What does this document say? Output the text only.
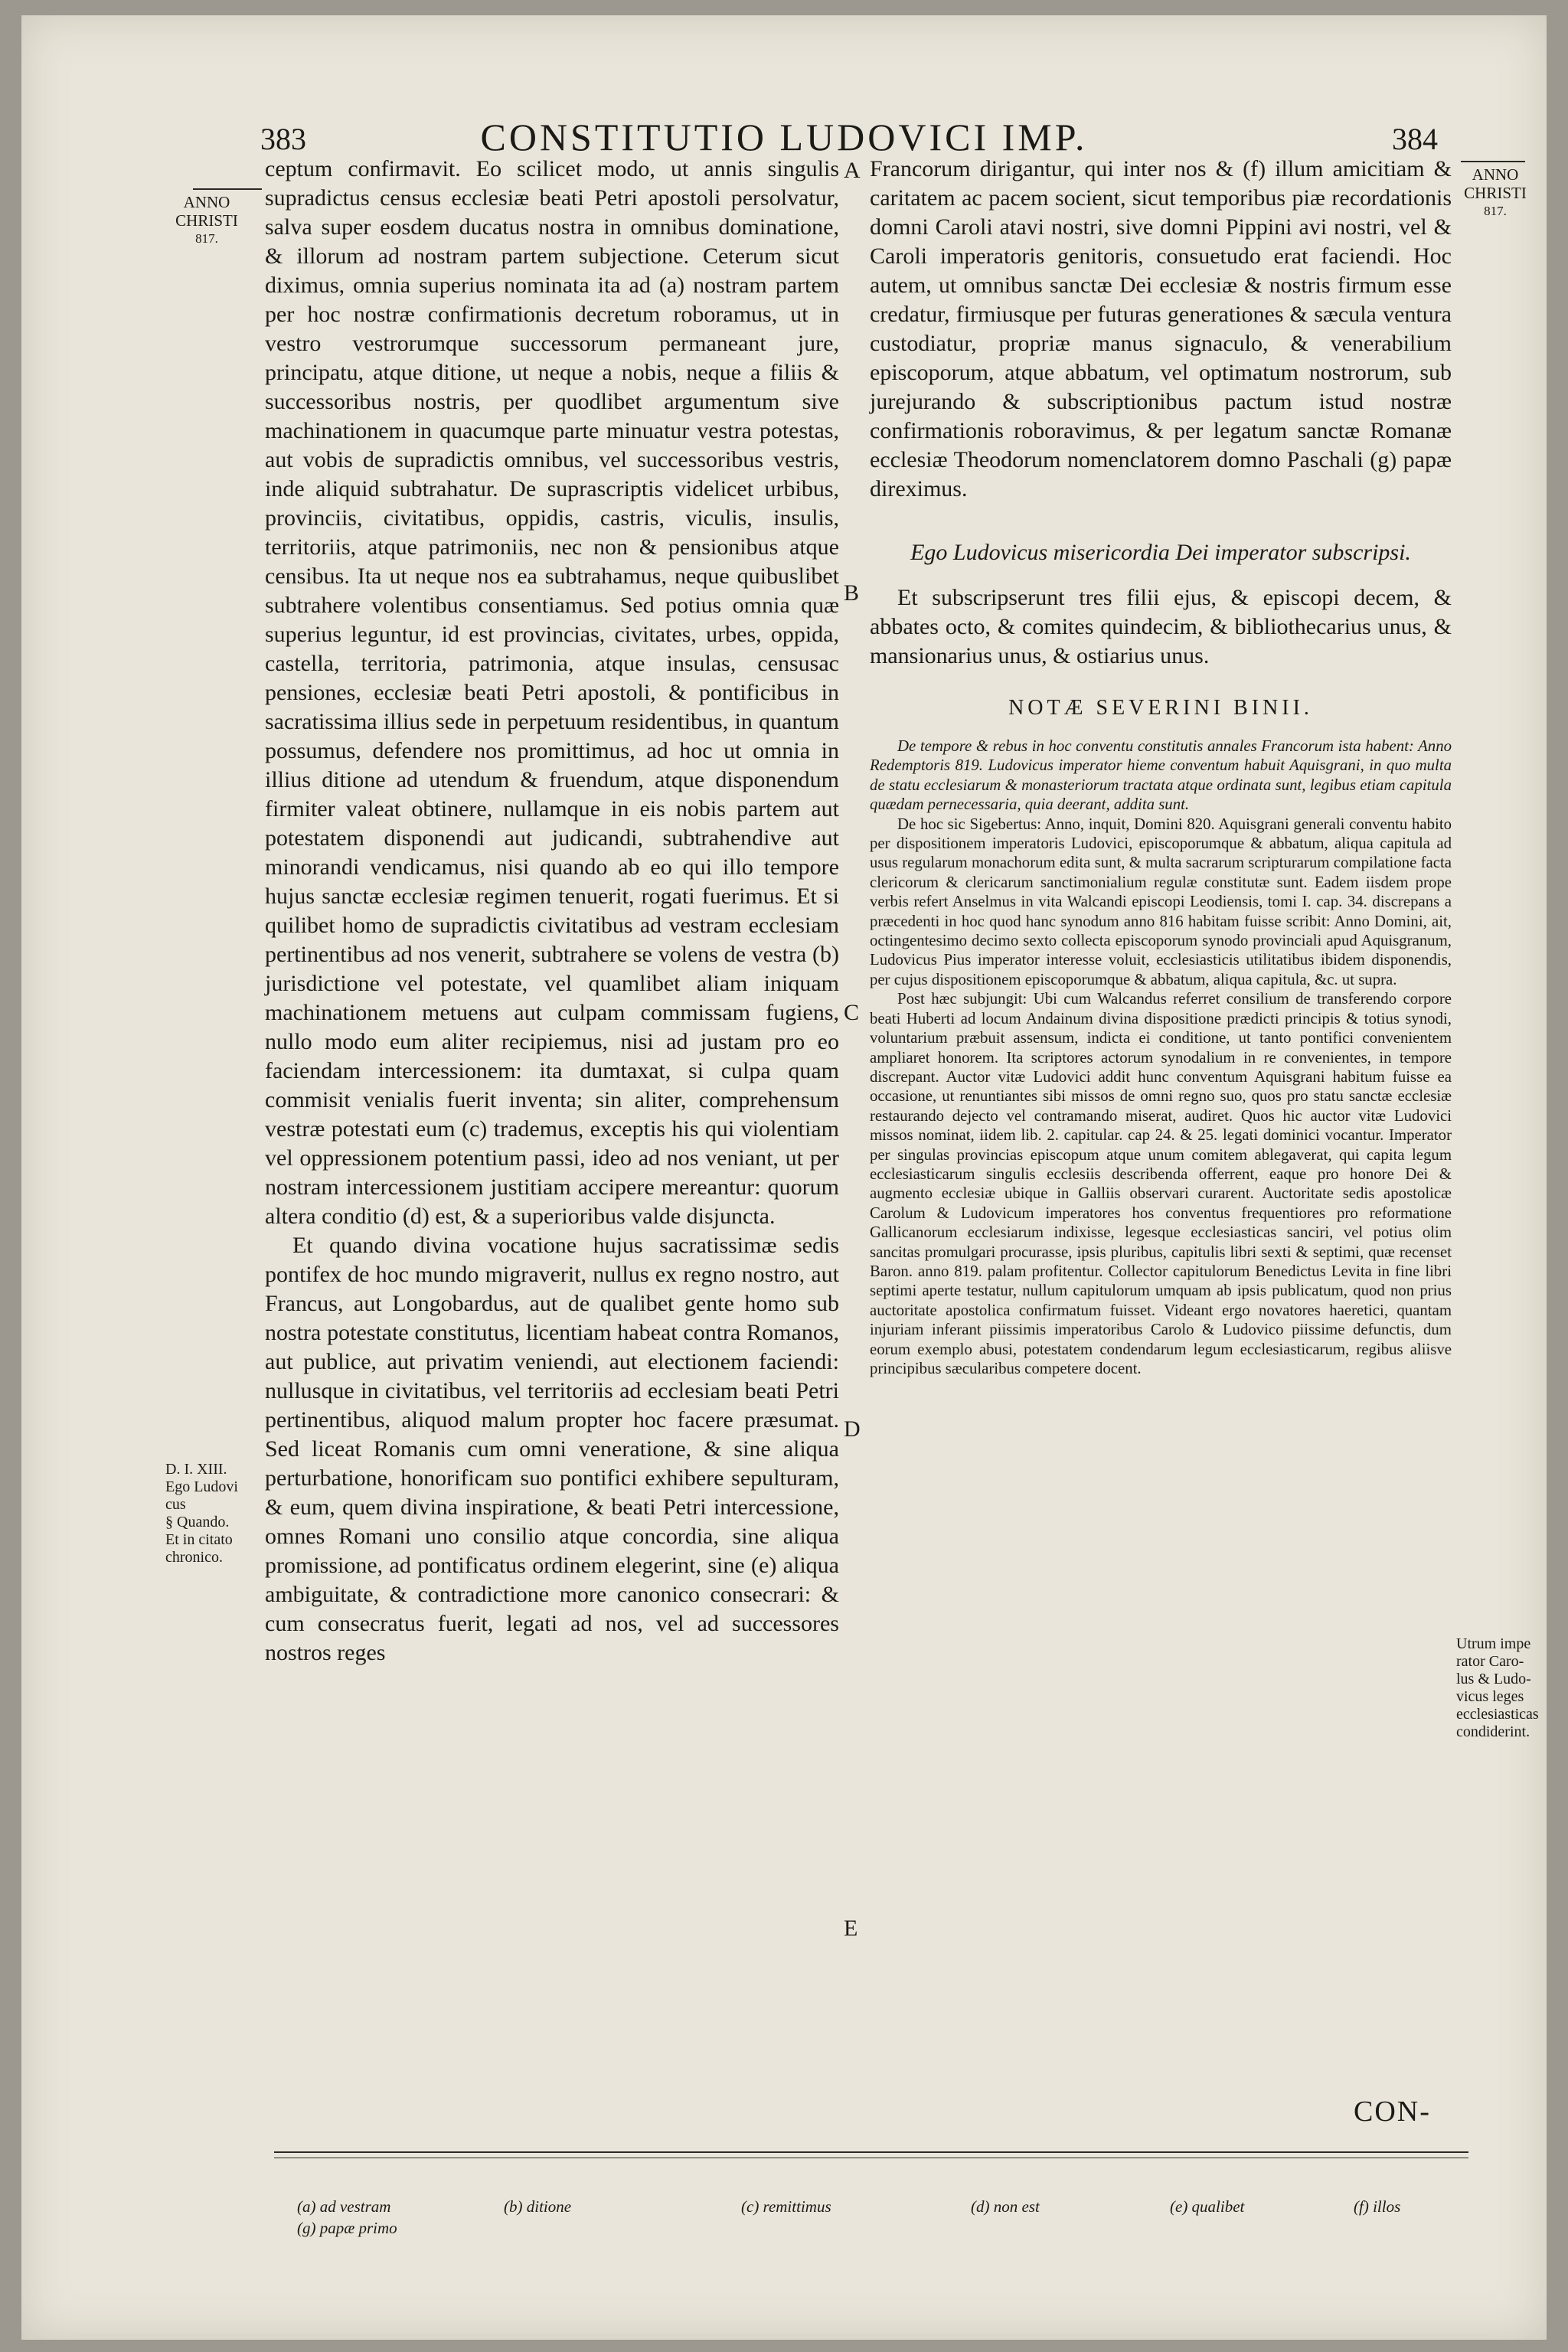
383	CONSTITUTIO LUDOVICI IMP.	384
ANNO
CHRISTI
817.
ANNO
CHRISTI
817.
D. I. XIII.
Ego Ludovi
cus
§ Quando.
Et in citato
chronico.
Utrum impe
rator Caro-
lus & Ludo-
vicus leges
ecclesiasticas
condiderint.
A
B
C
D
E

ceptum confirmavit. Eo scilicet modo, ut annis singulis supradictus census ecclesiæ beati Petri apostoli persolvatur, salva super eosdem ducatus nostra in omnibus dominatione, & illorum ad nostram partem subjectione. Ceterum sicut diximus, omnia superius nominata ita ad (a) nostram partem per hoc nostræ confirmationis decretum roboramus, ut in vestro vestrorumque successorum permaneant jure, principatu, atque ditione, ut neque a nobis, neque a filiis & successoribus nostris, per quodlibet argumentum sive machinationem in quacumque parte minuatur vestra potestas, aut vobis de supradictis omnibus, vel successoribus vestris, inde aliquid subtrahatur. De suprascriptis videlicet urbibus, provinciis, civitatibus, oppidis, castris, viculis, insulis, territoriis, atque patrimoniis, nec non & pensionibus atque censibus. Ita ut neque nos ea subtrahamus, neque quibuslibet subtrahere volentibus consentiamus. Sed potius omnia quæ superius leguntur, id est provincias, civitates, urbes, oppida, castella, territoria, patrimonia, atque insulas, censusac pensiones, ecclesiæ beati Petri apostoli, & pontificibus in sacratissima illius sede in perpetuum residentibus, in quantum possumus, defendere nos promittimus, ad hoc ut omnia in illius ditione ad utendum & fruendum, atque disponendum firmiter valeat obtinere, nullamque in eis nobis partem aut potestatem disponendi aut judicandi, subtrahendive aut minorandi vendicamus, nisi quando ab eo qui illo tempore hujus sanctæ ecclesiæ regimen tenuerit, rogati fuerimus. Et si quilibet homo de supradictis civitatibus ad vestram ecclesiam pertinentibus ad nos venerit, subtrahere se volens de vestra (b) jurisdictione vel potestate, vel quamlibet aliam iniquam machinationem metuens aut culpam commissam fugiens, nullo modo eum aliter recipiemus, nisi ad justam pro eo faciendam intercessionem: ita dumtaxat, si culpa quam commisit venialis fuerit inventa; sin aliter, comprehensum vestræ potestati eum (c) trademus, exceptis his qui violentiam vel oppressionem potentium passi, ideo ad nos veniant, ut per nostram intercessionem justitiam accipere mereantur: quorum altera conditio (d) est, & a superioribus valde disjuncta.

Et quando divina vocatione hujus sacratissimæ sedis pontifex de hoc mundo migraverit, nullus ex regno nostro, aut Francus, aut Longobardus, aut de qualibet gente homo sub nostra potestate constitutus, licentiam habeat contra Romanos, aut publice, aut privatim veniendi, aut electionem faciendi: nullusque in civitatibus, vel territoriis ad ecclesiam beati Petri pertinentibus, aliquod malum propter hoc facere præsumat. Sed liceat Romanis cum omni veneratione, & sine aliqua perturbatione, honorificam suo pontifici exhibere sepulturam, & eum, quem divina inspiratione, & beati Petri intercessione, omnes Romani uno consilio atque concordia, sine aliqua promissione, ad pontificatus ordinem elegerint, sine (e) aliqua ambiguitate, & contradictione more canonico consecrari: & cum consecratus fuerit, legati ad nos, vel ad successores nostros reges

Francorum dirigantur, qui inter nos & (f) illum amicitiam & caritatem ac pacem socient, sicut temporibus piæ recordationis domni Caroli atavi nostri, sive domni Pippini avi nostri, vel & Caroli imperatoris genitoris, consuetudo erat faciendi. Hoc autem, ut omnibus sanctæ Dei ecclesiæ & nostris firmum esse credatur, firmiusque per futuras generationes & sæcula ventura custodiatur, propriæ manus signaculo, & venerabilium episcoporum, atque abbatum, vel optimatum nostrorum, sub jurejurando & subscriptionibus pactum istud nostræ confirmationis roboravimus, & per legatum sanctæ Romanæ ecclesiæ Theodorum nomenclatorem domno Paschali (g) papæ direximus.

Ego Ludovicus misericordia Dei imperator subscripsi.

Et subscripserunt tres filii ejus, & episcopi decem, & abbates octo, & comites quindecim, & bibliothecarius unus, & mansionarius unus, & ostiarius unus.

NOTÆ SEVERINI BINII.

De tempore & rebus in hoc conventu constitutis annales Francorum ista habent: Anno Redemptoris 819. Ludovicus imperator hieme conventum habuit Aquisgrani, in quo multa de statu ecclesiarum & monasteriorum tractata atque ordinata sunt, legibus etiam capitula quædam pernecessaria, quia deerant, addita sunt.

De hoc sic Sigebertus: Anno, inquit, Domini 820. Aquisgrani generali conventu habito per dispositionem imperatoris Ludovici, episcoporumque & abbatum, aliqua capitula ad usus regularum monachorum edita sunt, & multa sacrarum scripturarum compilatione facta clericorum & clericarum sanctimonialium regulæ constitutæ sunt. Eadem iisdem prope verbis refert Anselmus in vita Walcandi episcopi Leodiensis, tomi I. cap. 34. discrepans a præcedenti in hoc quod hanc synodum anno 816 habitam fuisse scribit: Anno Domini, ait, octingentesimo decimo sexto collecta episcoporum synodo provinciali apud Aquisgranum, Ludovicus Pius imperator interesse voluit, ecclesiasticis utilitatibus ibidem disponendis, per cujus dispositionem episcoporumque & abbatum, aliqua capitula, &c. ut supra.

Post hæc subjungit: Ubi cum Walcandus referret consilium de transferendo corpore beati Huberti ad locum Andainum divina dispositione prædicti principis & totius synodi, voluntarium præbuit assensum, indicta ei conditione, ut tanto pontifici convenientem ampliaret honorem. Ita scriptores actorum synodalium in re convenientes, in tempore discrepant. Auctor vitæ Ludovici addit hunc conventum Aquisgrani habitum fuisse ea occasione, ut renuntiantes sibi missos de omni regno suo, quos pro statu sanctæ ecclesiæ restaurando dejecto vel contramando miserat, audiret. Quos hic auctor vitæ Ludovici missos nominat, iidem lib. 2. capitular. cap 24. & 25. legati dominici vocantur. Imperator per singulas provincias episcopum atque unum comitem ablegaverat, qui capita legum ecclesiasticarum singulis ecclesiis describenda offerrent, eaque pro honore Dei & augmento ecclesiæ ubique in Galliis observari curarent. Auctoritate sedis apostolicæ Carolum & Ludovicum imperatores hos conventus frequentiores pro reformatione Gallicanorum ecclesiarum indixisse, legesque ecclesiasticas sanciri, vel potius olim sancitas promulgari procurasse, ipsis pluribus, capitulis libri sexti & septimi, quæ recenset Baron. anno 819. palam profitentur. Collector capitulorum Benedictus Levita in fine libri septimi aperte testatur, nullum capitulorum umquam ab ipsis publicatum, quod non prius auctoritate apostolica confirmatum fuisset. Videant ergo novatores haeretici, quantam injuriam inferant piissimis imperatoribus Carolo & Ludovico piissime defunctis, dum eorum exemplo abusi, potestatem condendarum legum ecclesiasticarum, regibus aliisve principibus sæcularibus competere docent.

CON-
(a) ad vestram	(b) ditione	(c) remittimus	(d) non est	(e) qualibet	(f) illos
(g) papæ primo
